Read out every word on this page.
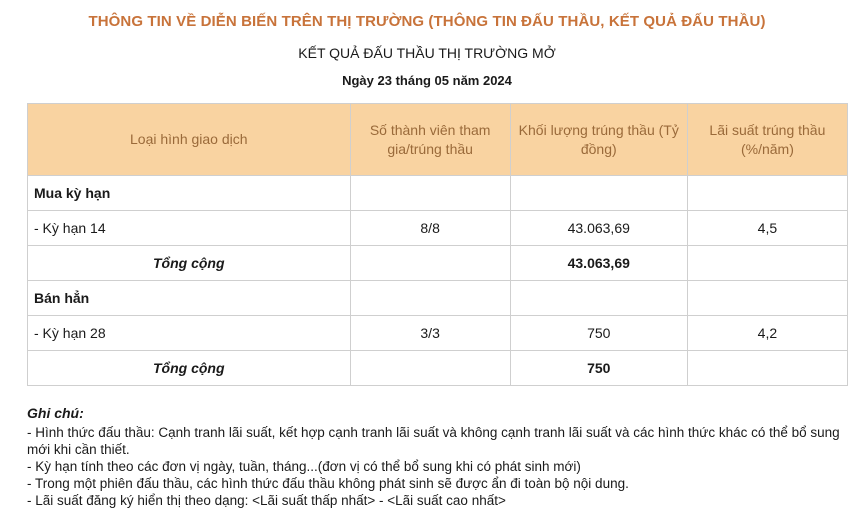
THÔNG TIN VỀ DIỄN BIẾN TRÊN THỊ TRƯỜNG (THÔNG TIN ĐẤU THẦU, KẾT QUẢ ĐẤU THẦU)
KẾT QUẢ ĐẤU THẦU THỊ TRƯỜNG MỞ
Ngày 23 tháng 05 năm 2024
Loại hình giao dịch	Số thành viên tham gia/trúng thầu	Khối lượng trúng thầu (Tỷ đồng)	Lãi suất trúng thầu (%/năm)
Mua kỳ hạn			
- Kỳ hạn 14	8/8	43.063,69	4,5
Tổng cộng		43.063,69	
Bán hẳn			
- Kỳ hạn 28	3/3	750	4,2
Tổng cộng		750	
Ghi chú:

- Hình thức đấu thầu: Cạnh tranh lãi suất, kết hợp cạnh tranh lãi suất và không cạnh tranh lãi suất và các hình thức khác có thể bổ sung mới khi cần thiết.

- Kỳ hạn tính theo các đơn vị ngày, tuần, tháng...(đơn vị có thể bổ sung khi có phát sinh mới)

- Trong một phiên đấu thầu, các hình thức đấu thầu không phát sinh sẽ được ẩn đi toàn bộ nội dung.

- Lãi suất đăng ký hiển thị theo dạng: <Lãi suất thấp nhất> - <Lãi suất cao nhất>
